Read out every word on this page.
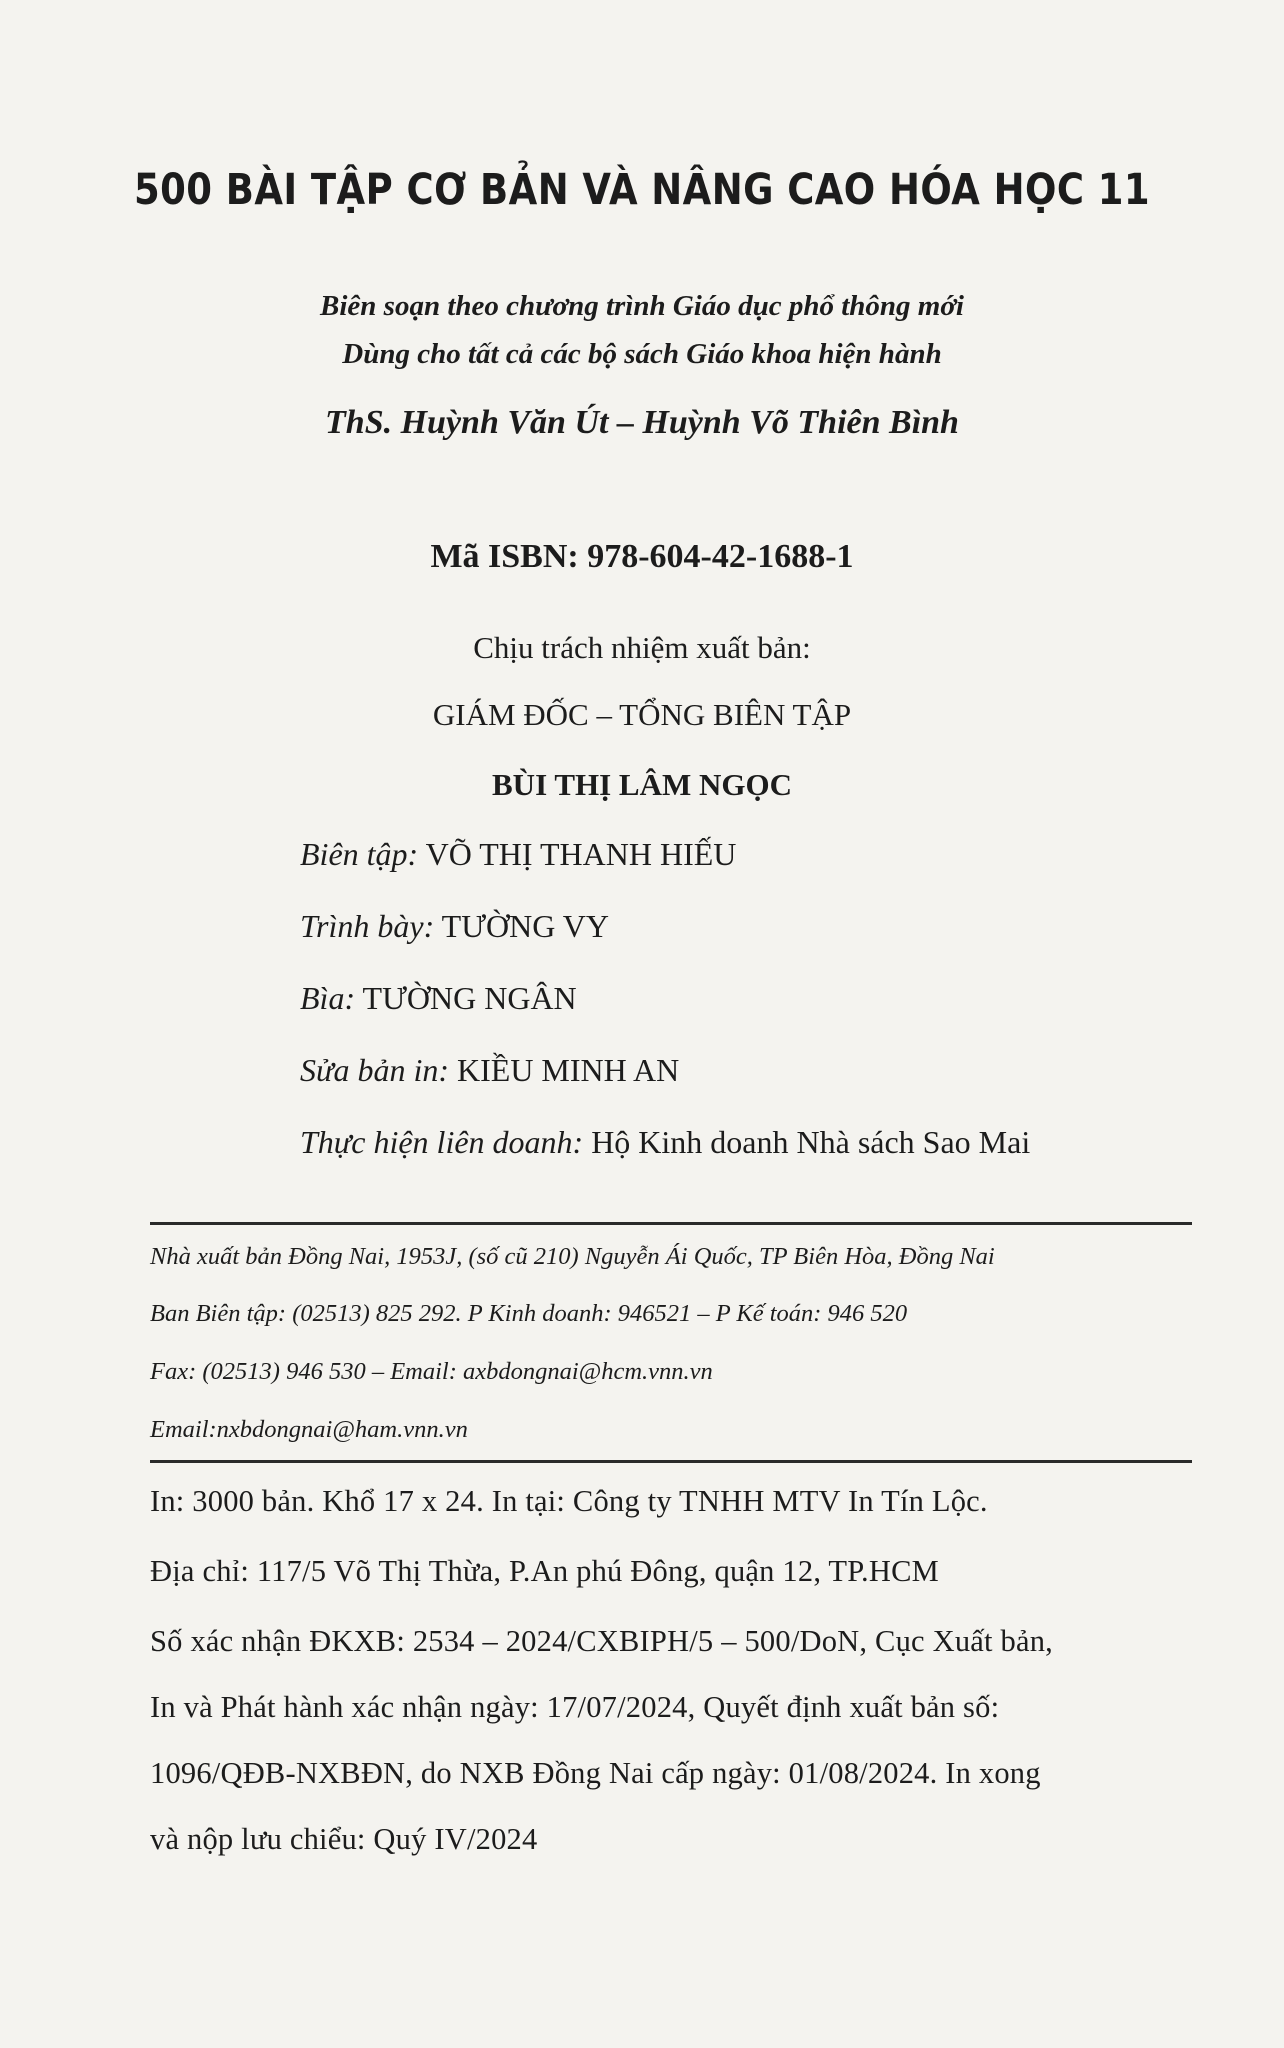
500 BÀI TẬP CƠ BẢN VÀ NÂNG CAO HÓA HỌC 11
Biên soạn theo chương trình Giáo dục phổ thông mới
Dùng cho tất cả các bộ sách Giáo khoa hiện hành
ThS. Huỳnh Văn Út – Huỳnh Võ Thiên Bình
Mã ISBN: 978-604-42-1688-1
Chịu trách nhiệm xuất bản:
GIÁM ĐỐC – TỔNG BIÊN TẬP
BÙI THỊ LÂM NGỌC
Biên tập: VÕ THỊ THANH HIẾU
Trình bày: TƯỜNG VY
Bìa: TƯỜNG NGÂN
Sửa bản in: KIỀU MINH AN
Thực hiện liên doanh: Hộ Kinh doanh Nhà sách Sao Mai
Nhà xuất bản Đồng Nai, 1953J, (số cũ 210) Nguyễn Ái Quốc, TP Biên Hòa, Đồng Nai
Ban Biên tập: (02513) 825 292. P Kinh doanh: 946521 – P Kế toán: 946 520
Fax: (02513) 946 530 – Email: axbdongnai@hcm.vnn.vn
Email:nxbdongnai@ham.vnn.vn
In: 3000 bản. Khổ 17 x 24. In tại: Công ty TNHH MTV In Tín Lộc.
Địa chỉ: 117/5 Võ Thị Thừa, P.An phú Đông, quận 12, TP.HCM
Số xác nhận ĐKXB: 2534 – 2024/CXBIPH/5 – 500/DoN, Cục Xuất bản,
In và Phát hành xác nhận ngày: 17/07/2024, Quyết định xuất bản số:
1096/QĐB-NXBĐN, do NXB Đồng Nai cấp ngày: 01/08/2024. In xong
và nộp lưu chiểu: Quý IV/2024
